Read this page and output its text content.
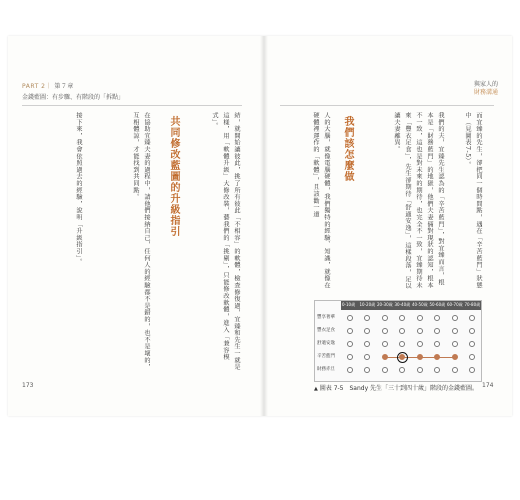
PART 2｜ 第７章
金錢藍圖：有步驟、有階段的「拆點」
與家人的
財務溝通
結，就開始讓彼此，挑了所有彼此「不相容」的軟體，檢查修復過，宜臻和先生一就是這樣，用「軟體升級」大修改裝，藝我們的「挑剔」，只能修改軟體，進入「兼容模式」。
共同修改藍圖的升級指引
在協助宜臻夫妻的過程中，請他們接納自己，任何人的經驗都不是錯的，也不是壞的，互相體諒，才能找到共同點。
接下來，我會依照過去的經驗，說明「升級指引」。
173
而宜臻的先生，卻把同一個時間點，遇在「辛苦藍門」狀態中（見圖表7-5）。
我們的夫，宜臻先生認為的「辛苦藍門」，對宜臻而言，根本是「財務藍門」的地獄，他們夫妻倆對現狀的認知，根本不一致，這也是對未來的期待，也完全不一致，宜臻期待未來「豐衣足食」，先生卻期待「舒適安逸」，這樣段落，足以讓夫妻離異。
我們該怎麼做
人的大腦，就像電腦硬體，我們獨特的經驗、知識，就像在硬體裡運作的「軟體」，且該勸一道
0-10歲 10-20歲 20-30歲 30-40歲 40-50歲 50-60歲 60-70歲 70-80歲
豐享奢華
豐衣足食
舒適安逸
辛苦藍門
財務赤旦
▲ 圖表 7-5　Sandy 先生「三十到四十歲」階段的金錢藍圖。 174
